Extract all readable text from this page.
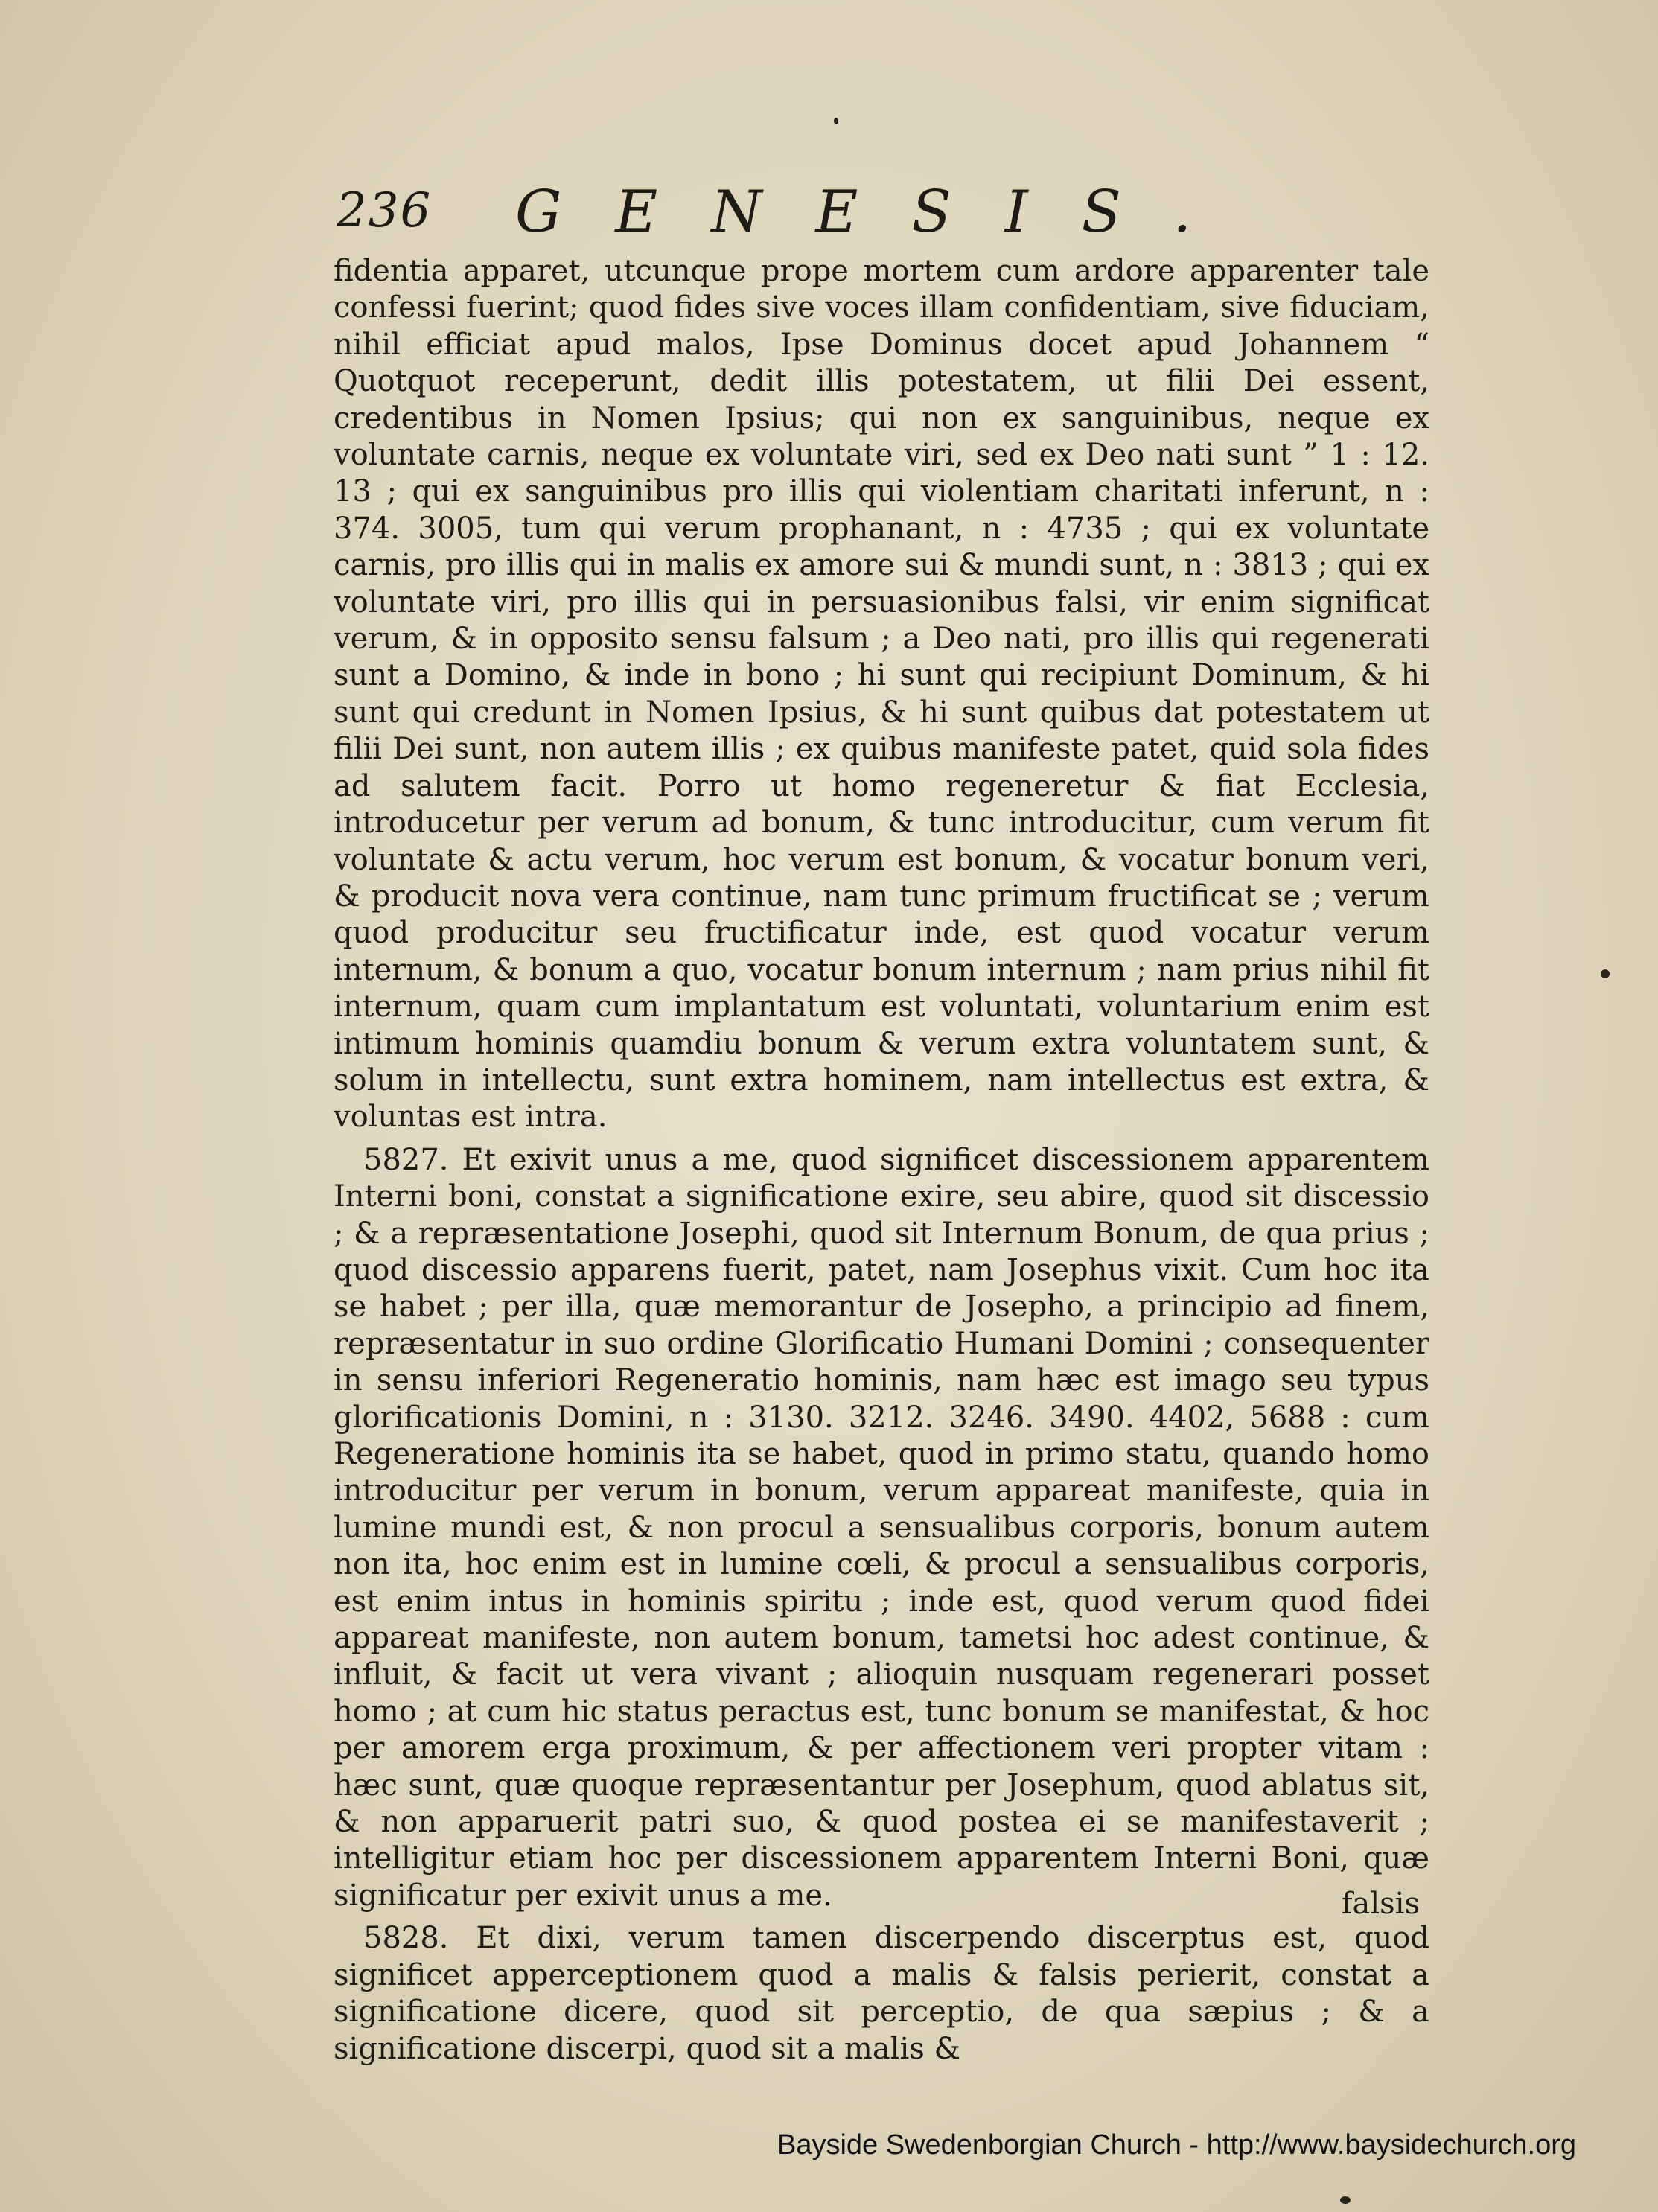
236 GENESIS.

fidentia apparet, utcunque prope mortem cum ardore apparenter tale confessi fuerint; quod fides sive voces illam confidentiam, sive fiduciam, nihil efficiat apud malos, Ipse Dominus docet apud Johannem “ Quotquot receperunt, dedit illis potestatem, ut filii Dei essent, credentibus in Nomen Ipsius; qui non ex sanguinibus, neque ex voluntate carnis, neque ex voluntate viri, sed ex Deo nati sunt ” 1 : 12. 13 ; qui ex sanguinibus pro illis qui violentiam charitati inferunt, n : 374. 3005, tum qui verum prophanant, n : 4735 ; qui ex voluntate carnis, pro illis qui in malis ex amore sui & mundi sunt, n : 3813 ; qui ex voluntate viri, pro illis qui in persuasionibus falsi, vir enim significat verum, & in opposito sensu falsum ; a Deo nati, pro illis qui regenerati sunt a Domino, & inde in bono ; hi sunt qui recipiunt Dominum, & hi sunt qui credunt in Nomen Ipsius, & hi sunt quibus dat potestatem ut filii Dei sunt, non autem illis ; ex quibus manifeste patet, quid sola fides ad salutem facit. Porro ut homo regeneretur & fiat Ecclesia, introducetur per verum ad bonum, & tunc introducitur, cum verum fit voluntate & actu verum, hoc verum est bonum, & vocatur bonum veri, & producit nova vera continue, nam tunc primum fructificat se ; verum quod producitur seu fructificatur inde, est quod vocatur verum internum, & bonum a quo, vocatur bonum internum ; nam prius nihil fit internum, quam cum implantatum est voluntati, voluntarium enim est intimum hominis quamdiu bonum & verum extra voluntatem sunt, & solum in intellectu, sunt extra hominem, nam intellectus est extra, & voluntas est intra.

5827. Et exivit unus a me, quod significet discessionem apparentem Interni boni, constat a significatione exire, seu abire, quod sit discessio ; & a repræsentatione Josephi, quod sit Internum Bonum, de qua prius ; quod discessio apparens fuerit, patet, nam Josephus vixit. Cum hoc ita se habet ; per illa, quæ memorantur de Josepho, a principio ad finem, repræsentatur in suo ordine Glorificatio Humani Domini ; consequenter in sensu inferiori Regeneratio hominis, nam hæc est imago seu typus glorificationis Domini, n : 3130. 3212. 3246. 3490. 4402, 5688 : cum Regeneratione hominis ita se habet, quod in primo statu, quando homo introducitur per verum in bonum, verum appareat manifeste, quia in lumine mundi est, & non procul a sensualibus corporis, bonum autem non ita, hoc enim est in lumine cœli, & procul a sensualibus corporis, est enim intus in hominis spiritu ; inde est, quod verum quod fidei appareat manifeste, non autem bonum, tametsi hoc adest continue, & influit, & facit ut vera vivant ; alioquin nusquam regenerari posset homo ; at cum hic status peractus est, tunc bonum se manifestat, & hoc per amorem erga proximum, & per affectionem veri propter vitam : hæc sunt, quæ quoque repræsentantur per Josephum, quod ablatus sit, & non apparuerit patri suo, & quod postea ei se manifestaverit ; intelligitur etiam hoc per discessionem apparentem Interni Boni, quæ significatur per exivit unus a me.

5828. Et dixi, verum tamen discerpendo discerptus est, quod significet apperceptionem quod a malis & falsis perierit, constat a significatione dicere, quod sit perceptio, de qua sæpius ; & a significatione discerpi, quod sit a malis &

falsis
Bayside Swedenborgian Church - http://www.baysidechurch.org
